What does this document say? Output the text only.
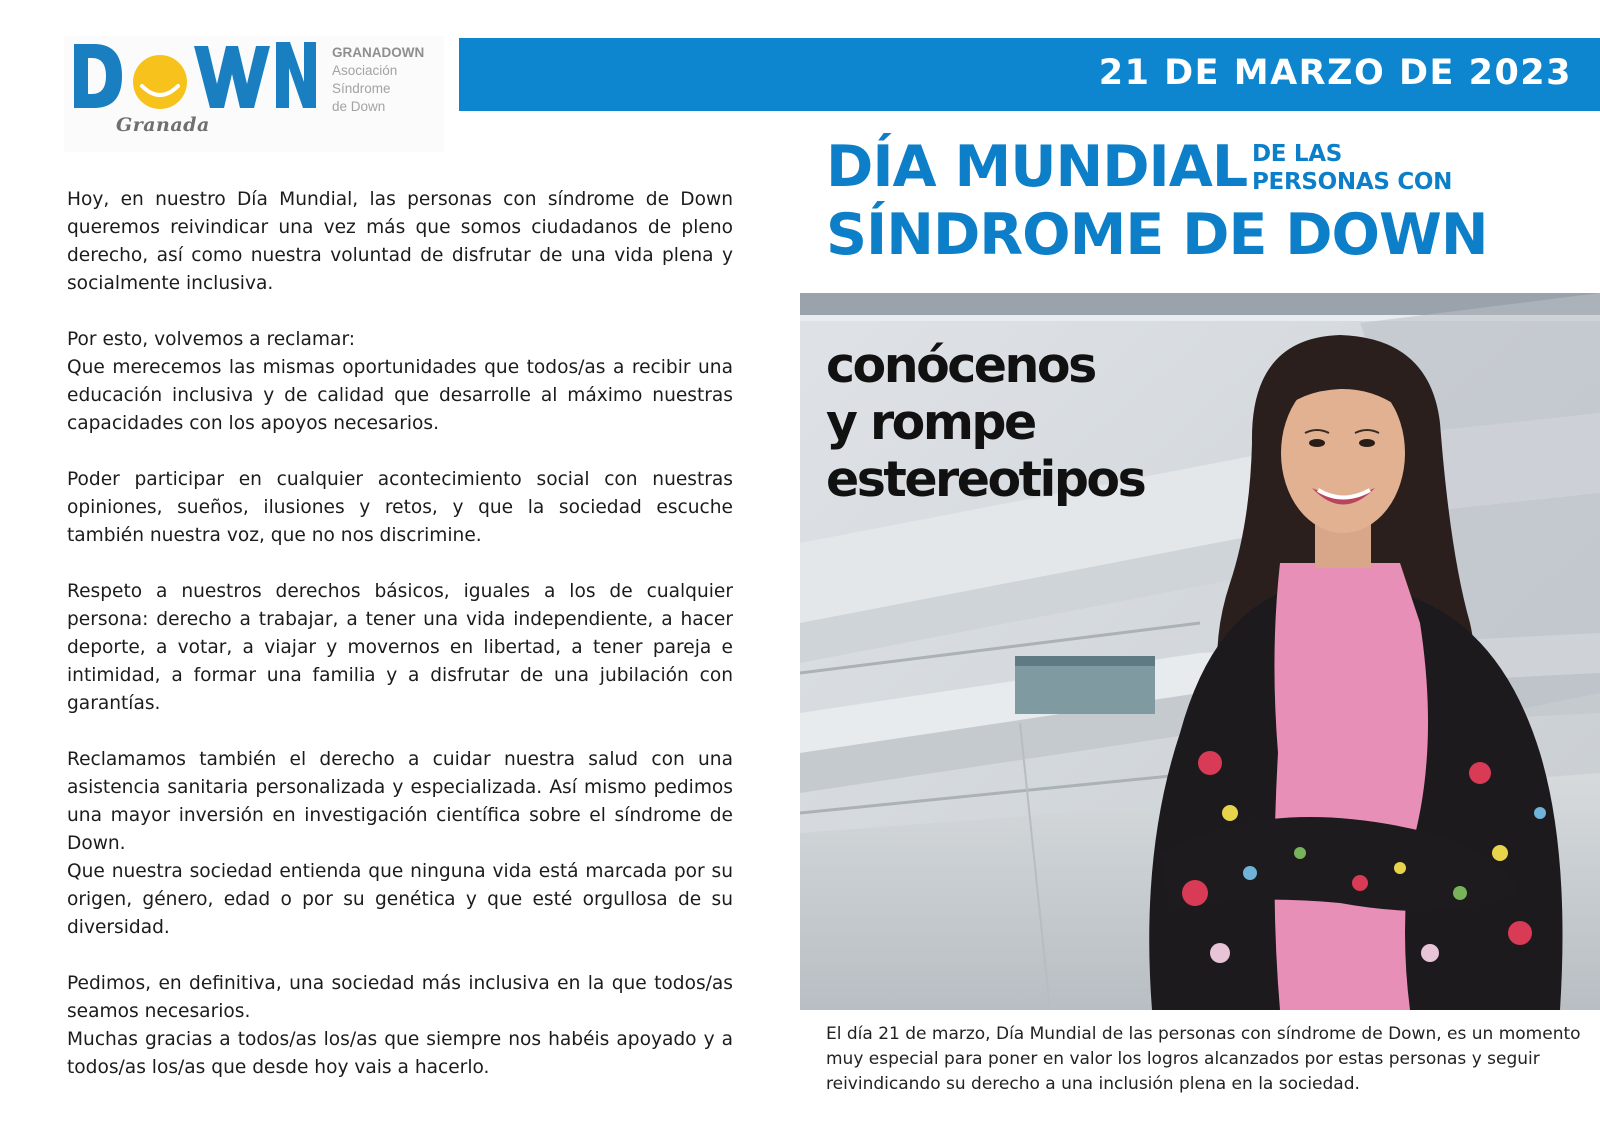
Granada
GRANADOWN
Asociación
Síndrome
de Down
21 DE MARZO DE 2023
DÍA MUNDIAL DE LAS
PERSONAS CON
SÍNDROME DE DOWN
conócenos
y rompe
estereotipos
El día 21 de marzo, Día Mundial de las personas con síndrome de Down, es un momento muy especial para poner en valor los logros alcanzados por estas personas y seguir reivindicando su derecho a una inclusión plena en la sociedad.

Hoy, en nuestro Día Mundial, las personas con síndrome de Down queremos reivindicar una vez más que somos ciudadanos de pleno derecho, así como nuestra voluntad de disfrutar de una vida plena y socialmente inclusiva.

Por esto, volvemos a reclamar:

Que merecemos las mismas oportunidades que todos/as a recibir una educación inclusiva y de calidad que desarrolle al máximo nuestras capacidades con los apoyos necesarios.

Poder participar en cualquier acontecimiento social con nuestras opiniones, sueños, ilusiones y retos, y que la sociedad escuche también nuestra voz, que no nos discrimine.

Respeto a nuestros derechos básicos, iguales a los de cualquier persona: derecho a trabajar, a tener una vida independiente, a hacer deporte, a votar, a viajar y movernos en libertad, a tener pareja e intimidad, a formar una familia y a disfrutar de una jubilación con garantías.

Reclamamos también el derecho a cuidar nuestra salud con una asistencia sanitaria personalizada y especializada. Así mismo pedimos una mayor inversión en investigación científica sobre el síndrome de Down.

Que nuestra sociedad entienda que ninguna vida está marcada por su origen, género, edad o por su genética y que esté orgullosa de su diversidad.

Pedimos, en definitiva, una sociedad más inclusiva en la que todos/as seamos necesarios.

Muchas gracias a todos/as los/as que siempre nos habéis apoyado y a todos/as los/as que desde hoy vais a hacerlo.
